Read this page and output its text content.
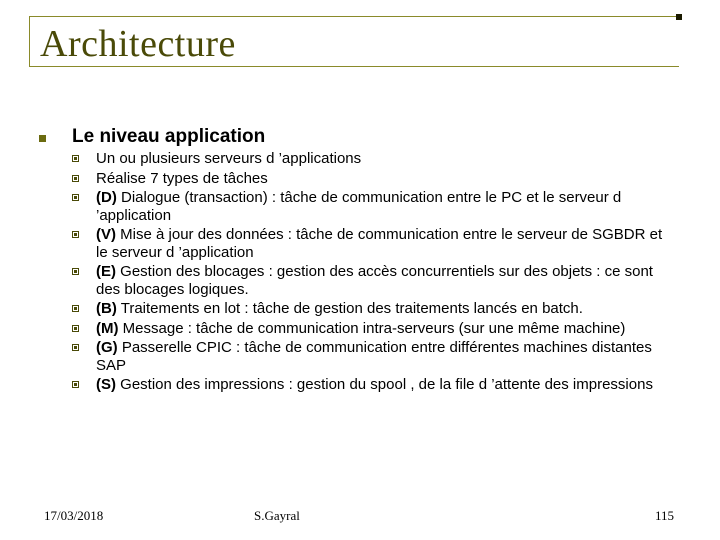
Architecture
Le niveau application
Un ou plusieurs serveurs d ’applications
Réalise 7 types de tâches
(D) Dialogue (transaction) : tâche de communication entre le PC et le serveur d ’application
(V) Mise à jour des données : tâche de communication entre le serveur de SGBDR et le serveur d ’application
(E) Gestion des blocages : gestion des accès concurrentiels sur des objets : ce sont des blocages logiques.
(B) Traitements en lot : tâche de gestion des traitements lancés en batch.
(M) Message : tâche de communication intra-serveurs (sur une même machine)
(G) Passerelle CPIC : tâche de communication entre différentes machines distantes SAP
(S) Gestion des impressions : gestion du spool , de la file d ’attente des impressions
17/03/2018	S.Gayral	115
